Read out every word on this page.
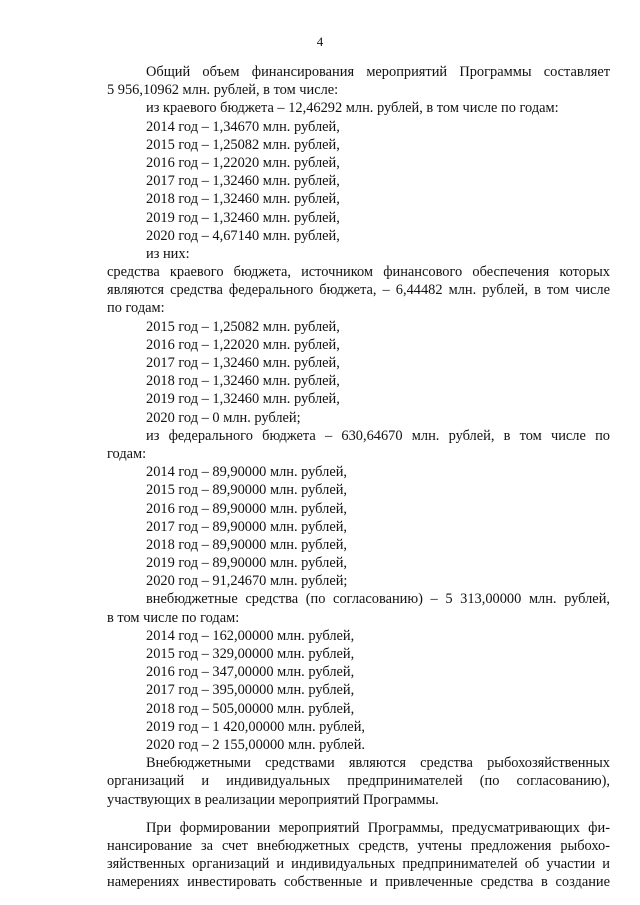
4
Общий объем финансирования мероприятий Программы составляет
5 956,10962 млн. рублей, в том числе:
из краевого бюджета – 12,46292 млн. рублей, в том числе по годам:
2014 год – 1,34670 млн. рублей,
2015 год – 1,25082 млн. рублей,
2016 год – 1,22020 млн. рублей,
2017 год – 1,32460 млн. рублей,
2018 год – 1,32460 млн. рублей,
2019 год – 1,32460 млн. рублей,
2020 год – 4,67140 млн. рублей,
из них:
средства краевого бюджета, источником финансового обеспечения которых
являются средства федерального бюджета, – 6,44482 млн. рублей, в том числе
по годам:
2015 год – 1,25082 млн. рублей,
2016 год – 1,22020 млн. рублей,
2017 год – 1,32460 млн. рублей,
2018 год – 1,32460 млн. рублей,
2019 год – 1,32460 млн. рублей,
2020 год – 0 млн. рублей;
из федерального бюджета – 630,64670 млн. рублей, в том числе по
годам:
2014 год – 89,90000 млн. рублей,
2015 год – 89,90000 млн. рублей,
2016 год – 89,90000 млн. рублей,
2017 год – 89,90000 млн. рублей,
2018 год – 89,90000 млн. рублей,
2019 год – 89,90000 млн. рублей,
2020 год – 91,24670 млн. рублей;
внебюджетные средства (по согласованию) – 5 313,00000 млн. рублей,
в том числе по годам:
2014 год – 162,00000 млн. рублей,
2015 год – 329,00000 млн. рублей,
2016 год – 347,00000 млн. рублей,
2017 год – 395,00000 млн. рублей,
2018 год – 505,00000 млн. рублей,
2019 год – 1 420,00000 млн. рублей,
2020 год – 2 155,00000 млн. рублей.
Внебюджетными средствами являются средства рыбохозяйственных
организаций и индивидуальных предпринимателей (по согласованию),
участвующих в реализации мероприятий Программы.
При формировании мероприятий Программы, предусматривающих фи-
нансирование за счет внебюджетных средств, учтены предложения рыбохо-
зяйственных организаций и индивидуальных предпринимателей об участии и
намерениях инвестировать собственные и привлеченные средства в создание
